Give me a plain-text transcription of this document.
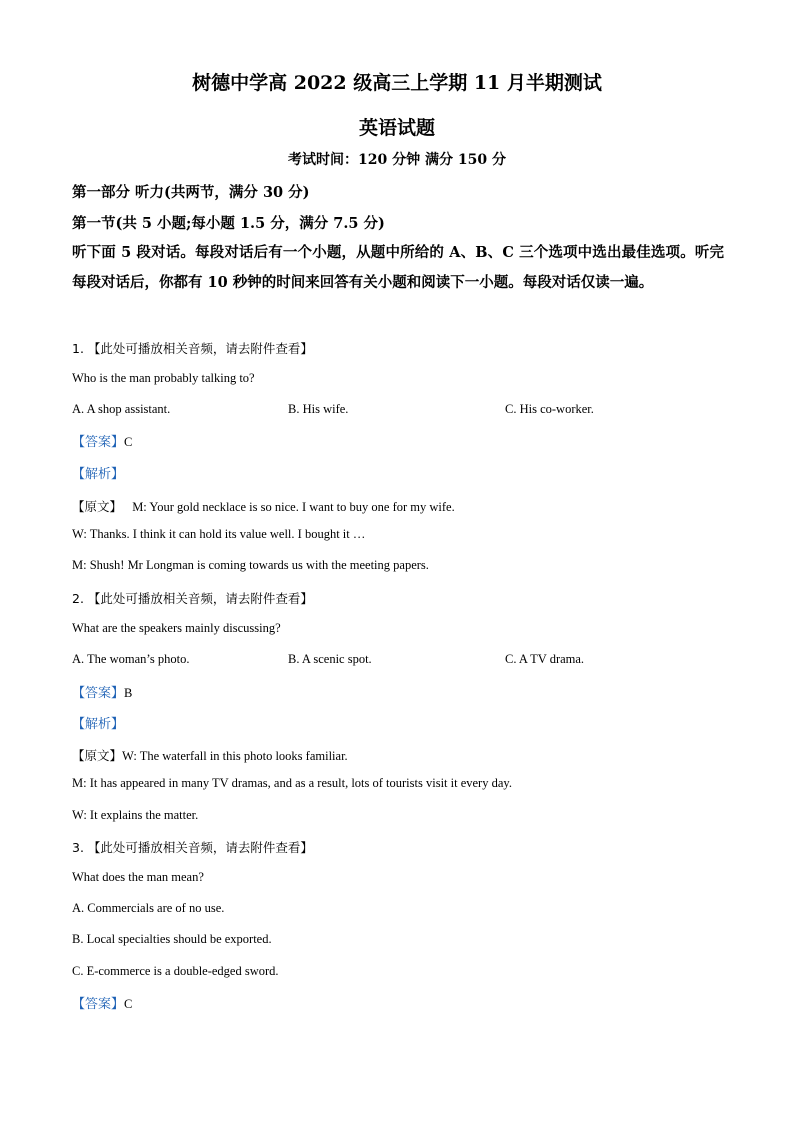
树德中学高 2022 级高三上学期 11 月半期测试
英语试题
考试时间：120 分钟 满分 150 分
第一部分 听力(共两节，满分 30 分)
第一节(共 5 小题;每小题 1.5 分，满分 7.5 分)
听下面 5 段对话。每段对话后有一个小题，从题中所给的 A、B、C 三个选项中选出最佳选项。听完每段对话后，你都有 10 秒钟的时间来回答有关小题和阅读下一小题。每段对话仅读一遍。
1. 【此处可播放相关音频，请去附件查看】
Who is the man probably talking to?
A. A shop assistant.	B. His wife.	C. His co-worker.
【答案】C
【解析】
【原文】 M: Your gold necklace is so nice. I want to buy one for my wife.
W: Thanks. I think it can hold its value well. I bought it …
M: Shush! Mr Longman is coming towards us with the meeting papers.
2. 【此处可播放相关音频，请去附件查看】
What are the speakers mainly discussing?
A. The woman’s photo.	B. A scenic spot.	C. A TV drama.
【答案】B
【解析】
【原文】W: The waterfall in this photo looks familiar.
M: It has appeared in many TV dramas, and as a result, lots of tourists visit it every day.
W: It explains the matter.
3. 【此处可播放相关音频，请去附件查看】
What does the man mean?
A. Commercials are of no use.
B. Local specialties should be exported.
C. E-commerce is a double-edged sword.
【答案】C
